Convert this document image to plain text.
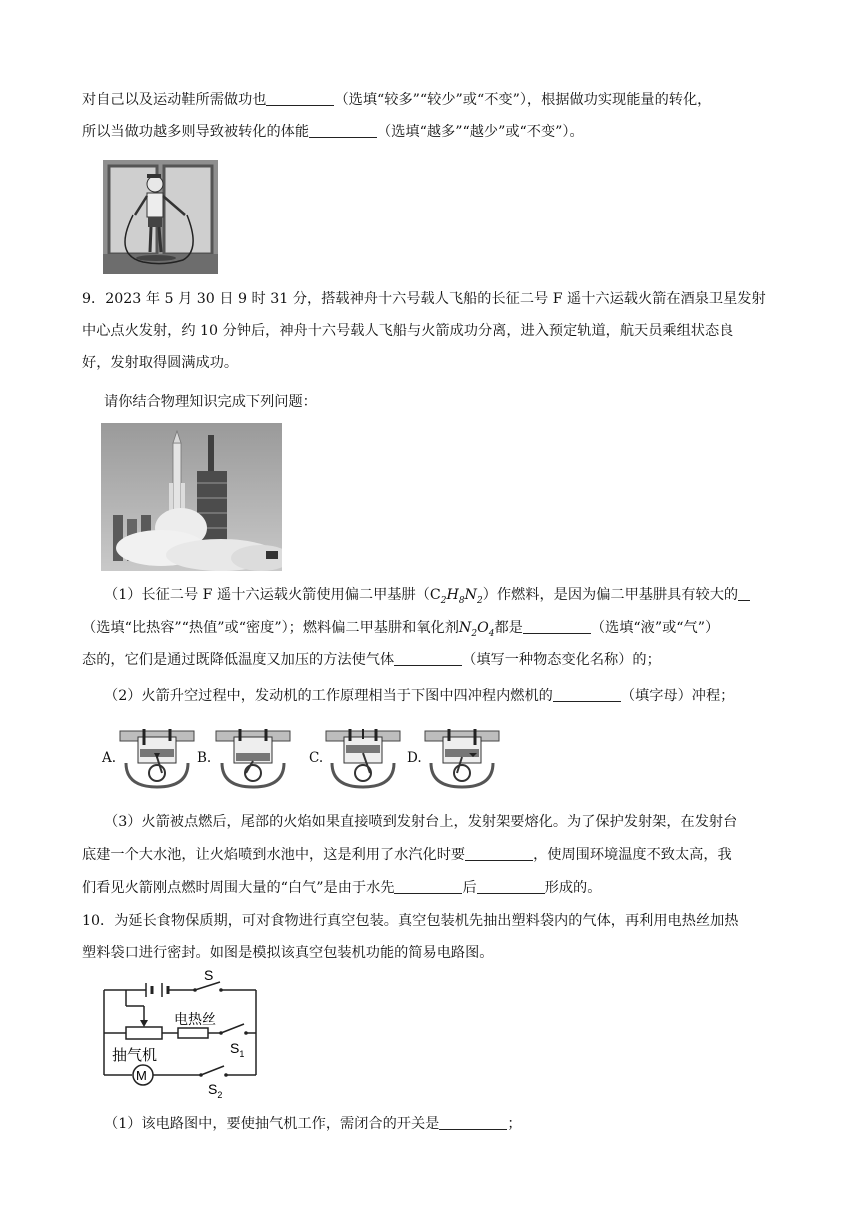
对自己以及运动鞋所需做功也	（选填“较多”“较少”或“不变”），根据做功实现能量的转化，
所以当做功越多则导致被转化的体能	（选填“越多”“越少”或“不变”）。
9．2023 年 5 月 30 日 9 时 31 分，搭载神舟十六号载人飞船的长征二号 F 遥十六运载火箭在酒泉卫星发射
中心点火发射，约 10 分钟后，神舟十六号载人飞船与火箭成功分离，进入预定轨道，航天员乘组状态良
好，发射取得圆满成功。
请你结合物理知识完成下列问题：
（1）长征二号 F 遥十六运载火箭使用偏二甲基肼$(C_2H_8N_2)$作燃料，是因为偏二甲基肼具有较大的
（选填“比热容”“热值”或“密度”）；燃料偏二甲基肼和氧化剂$N_2O_4$都是	（选填“液”或“气”）
态的，它们是通过既降低温度又加压的方法使气体	（填写一种物态变化名称）的；
（2）火箭升空过程中，发动机的工作原理相当于下图中四冲程内燃机的	（填字母）冲程；
A.	B.	C.	D.
（3）火箭被点燃后，尾部的火焰如果直接喷到发射台上，发射架要熔化。为了保护发射架，在发射台
底建一个大水池，让火焰喷到水池中，这是利用了水汽化时要	，使周围环境温度不致太高，我
们看见火箭刚点燃时周围大量的“白气”是由于水先	后	形成的。
10．为延长食物保质期，可对食物进行真空包装。真空包装机先抽出塑料袋内的气体，再利用电热丝加热
塑料袋口进行密封。如图是模拟该真空包装机功能的简易电路图。
S
电热丝
$S_1$
抽气机
M
$S_2$
（1）该电路图中，要使抽气机工作，需闭合的开关是	；
